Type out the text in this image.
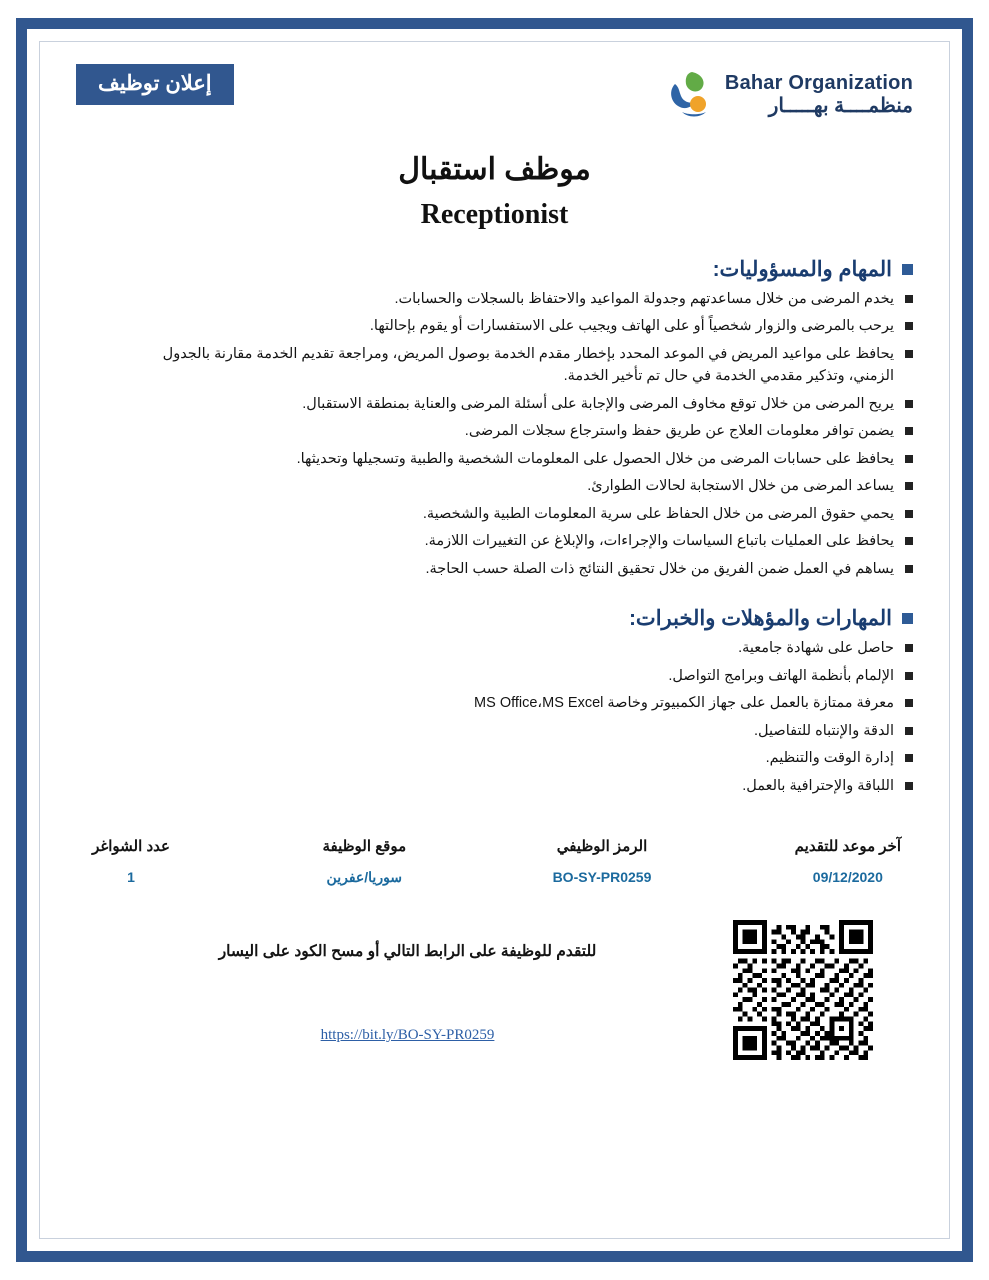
إعلان توظيف	Bahar Organization
منظمــــة بهـــــار
موظف استقبال
Receptionist
المهام والمسؤوليات:
يخدم المرضى من خلال مساعدتهم وجدولة المواعيد والاحتفاظ بالسجلات والحسابات.
يرحب بالمرضى والزوار شخصياً أو على الهاتف ويجيب على الاستفسارات أو يقوم بإحالتها.
يحافظ على مواعيد المريض في الموعد المحدد بإخطار مقدم الخدمة بوصول المريض، ومراجعة تقديم الخدمة مقارنة بالجدول الزمني، وتذكير مقدمي الخدمة في حال تم تأخير الخدمة.
يريح المرضى من خلال توقع مخاوف المرضى والإجابة على أسئلة المرضى والعناية بمنطقة الاستقبال.
يضمن توافر معلومات العلاج عن طريق حفظ واسترجاع سجلات المرضى.
يحافظ على حسابات المرضى من خلال الحصول على المعلومات الشخصية والطبية وتسجيلها وتحديثها.
يساعد المرضى من خلال الاستجابة لحالات الطوارئ.
يحمي حقوق المرضى من خلال الحفاظ على سرية المعلومات الطبية والشخصية.
يحافظ على العمليات باتباع السياسات والإجراءات، والإبلاغ عن التغييرات اللازمة.
يساهم في العمل ضمن الفريق من خلال تحقيق النتائج ذات الصلة حسب الحاجة.
المهارات والمؤهلات والخبرات:
حاصل على شهادة جامعية.
الإلمام بأنظمة الهاتف وبرامج التواصل.
معرفة ممتازة بالعمل على جهاز الكمبيوتر وخاصة MS Office،MS Excel
الدقة والإنتباه للتفاصيل.
إدارة الوقت والتنظيم.
اللباقة والإحترافية بالعمل.
عدد الشواغر
1
موقع الوظيفة
سوريا/عفرين
الرمز الوظيفي
BO-SY-PR0259
آخر موعد للتقديم
09/12/2020
للتقدم للوظيفة على الرابط التالي أو مسح الكود على اليسار
https://bit.ly/BO-SY-PR0259
